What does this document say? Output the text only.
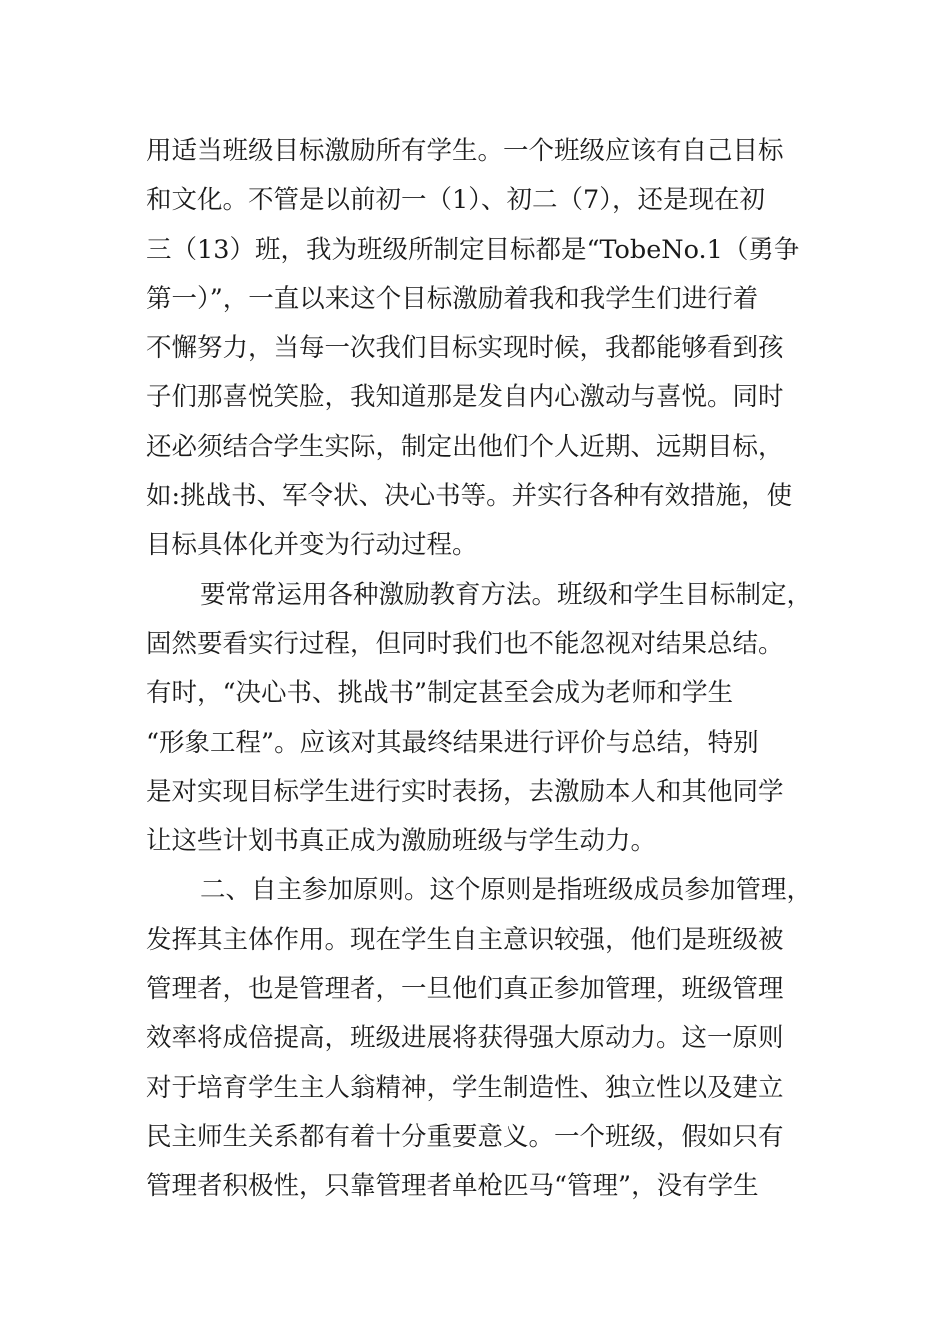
用适当班级目标激励所有学生。一个班级应该有自己目标
和文化。不管是以前初一（1）、初二（7），还是现在初
三（13）班，我为班级所制定目标都是“TobeNo.1（勇争
第一）”，一直以来这个目标激励着我和我学生们进行着
不懈努力，当每一次我们目标实现时候，我都能够看到孩
子们那喜悦笑脸，我知道那是发自内心激动与喜悦。同时
还必须结合学生实际，制定出他们个人近期、远期目标，
如:挑战书、军令状、决心书等。并实行各种有效措施，使
目标具体化并变为行动过程。
要常常运用各种激励教育方法。班级和学生目标制定，
固然要看实行过程，但同时我们也不能忽视对结果总结。
有时，“决心书、挑战书”制定甚至会成为老师和学生
“形象工程”。应该对其最终结果进行评价与总结，特别
是对实现目标学生进行实时表扬，去激励本人和其他同学
让这些计划书真正成为激励班级与学生动力。
二、自主参加原则。这个原则是指班级成员参加管理，
发挥其主体作用。现在学生自主意识较强，他们是班级被
管理者，也是管理者，一旦他们真正参加管理，班级管理
效率将成倍提高，班级进展将获得强大原动力。这一原则
对于培育学生主人翁精神，学生制造性、独立性以及建立
民主师生关系都有着十分重要意义。一个班级，假如只有
管理者积极性，只靠管理者单枪匹马“管理”，没有学生
